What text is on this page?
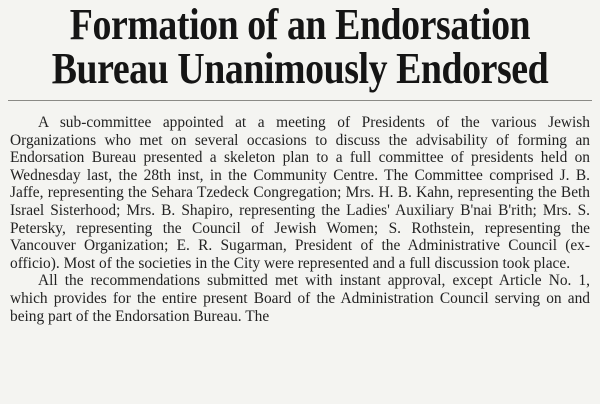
Formation of an Endorsation
Bureau Unanimously Endorsed

A sub-committee appointed at a meeting of Presidents of the various Jewish Organizations who met on several occasions to discuss the advisability of forming an Endorsation Bureau presented a skeleton plan to a full committee of presidents held on Wednesday last, the 28th inst, in the Community Centre. The Committee comprised J. B. Jaffe, representing the Sehara Tzedeck Congregation; Mrs. H. B. Kahn, representing the Beth Israel Sisterhood; Mrs. B. Shapiro, representing the Ladies' Auxiliary B'nai B'rith; Mrs. S. Petersky, representing the Council of Jewish Women; S. Rothstein, representing the Vancouver Organization; E. R. Sugarman, President of the Administrative Council (ex-officio). Most of the societies in the City were represented and a full discussion took place.

All the recommendations submitted met with instant approval, except Article No. 1, which provides for the entire present Board of the Administration Council serving on and being part of the Endorsation Bureau. The
